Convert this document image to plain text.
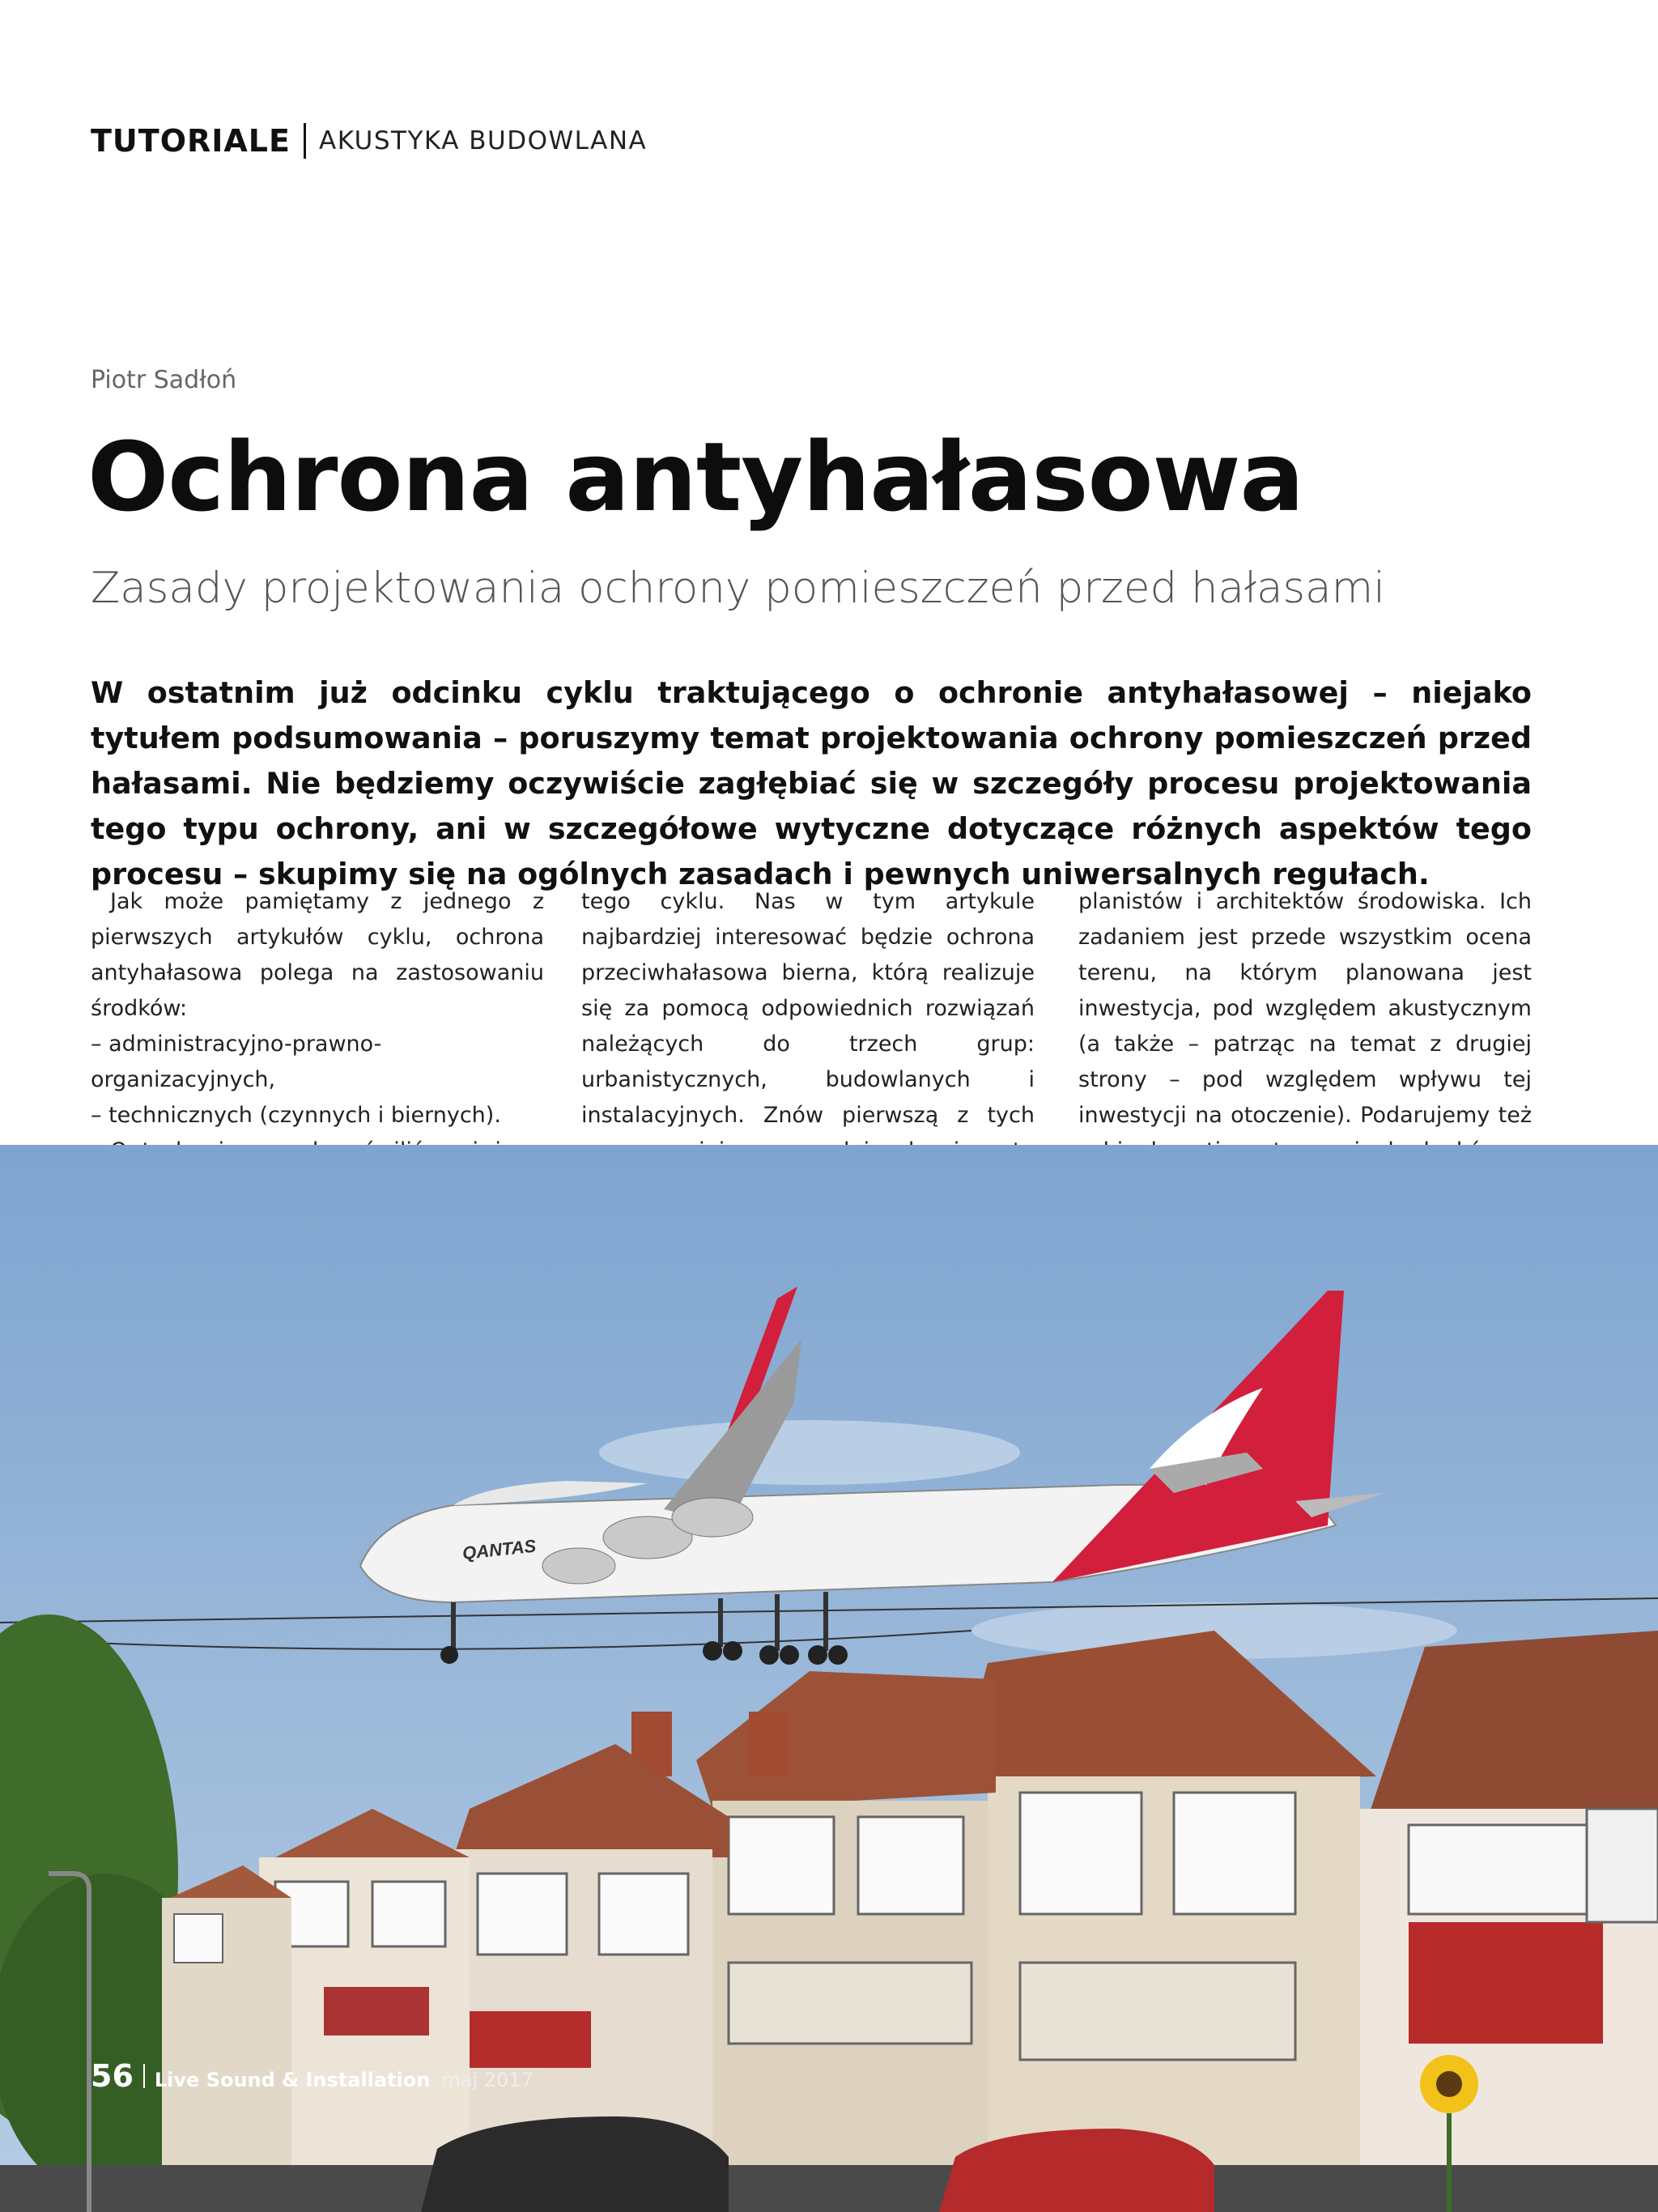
TUTORIALE AKUSTYKA BUDOWLANA
Piotr Sadłoń
Ochrona antyhałasowa
Zasady projektowania ochrony pomieszczeń przed hałasami
W ostatnim już odcinku cyklu traktującego o ochronie antyhałasowej – niejako tytułem podsumowania – poruszymy temat projektowania ochrony pomieszczeń przed hałasami. Nie będziemy oczywiście zagłębiać się w szczegóły procesu projektowania tego typu ochrony, ani w szczegółowe wytyczne dotyczące różnych aspektów tego procesu – skupimy się na ogólnych zasadach i pewnych uniwersalnych regułach.

Jak może pamiętamy z jednego z pierwszych artykułów cyklu, ochrona antyhałasowa polega na zastosowaniu środków:

– administracyjno-prawno-organizacyjnych,
– technicznych (czynnych i biernych).

tego cyklu. Nas w tym artykule najbardziej interesować będzie ochrona przeciwhałasowa bierna, którą realizuje się za pomocą odpowiednich rozwiązań należących do trzech grup: urbanistycznych, budowlanych i instalacyjnych. Znów pierwszą z tych

planistów i architektów środowiska. Ich zadaniem jest przede wszystkim ocena terenu, na którym planowana jest inwestycja, pod względem akustycznym (a także – patrząc na temat z drugiej strony – pod względem wpływu tej inwestycji na otoczenie). Podarujemy też

QANTAS
56 Live Sound & Installation maj 2017
